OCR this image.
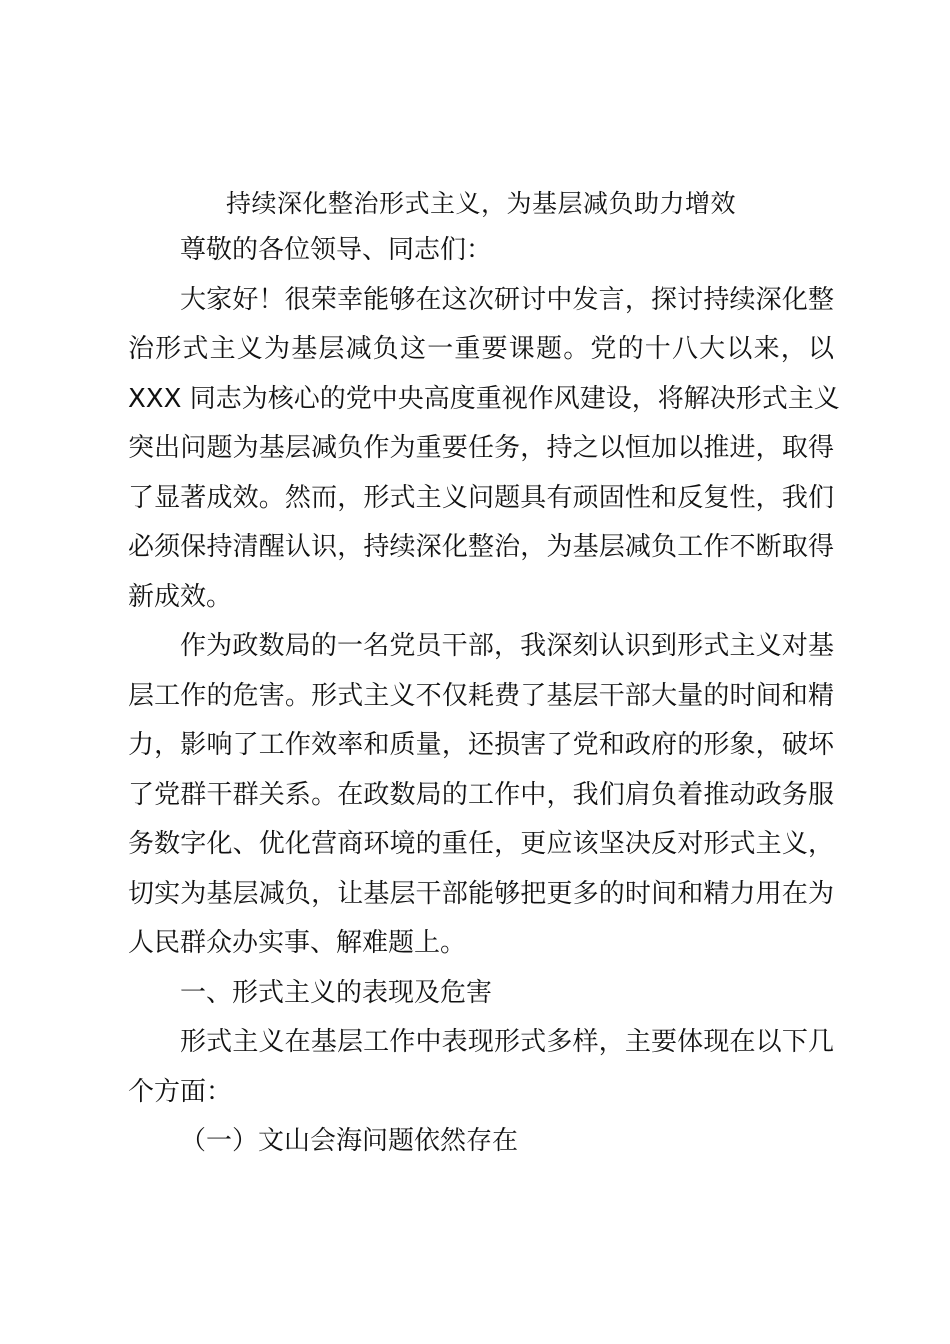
持续深化整治形式主义，为基层减负助力增效
尊敬的各位领导、同志们：
大家好！很荣幸能够在这次研讨中发言，探讨持续深化整
治形式主义为基层减负这一重要课题。党的十八大以来，以
XXX 同志为核心的党中央高度重视作风建设，将解决形式主义
突出问题为基层减负作为重要任务，持之以恒加以推进，取得
了显著成效。然而，形式主义问题具有顽固性和反复性，我们
必须保持清醒认识，持续深化整治，为基层减负工作不断取得
新成效。
作为政数局的一名党员干部，我深刻认识到形式主义对基
层工作的危害。形式主义不仅耗费了基层干部大量的时间和精
力，影响了工作效率和质量，还损害了党和政府的形象，破坏
了党群干群关系。在政数局的工作中，我们肩负着推动政务服
务数字化、优化营商环境的重任，更应该坚决反对形式主义，
切实为基层减负，让基层干部能够把更多的时间和精力用在为
人民群众办实事、解难题上。
一、形式主义的表现及危害
形式主义在基层工作中表现形式多样，主要体现在以下几
个方面：
（一）文山会海问题依然存在
